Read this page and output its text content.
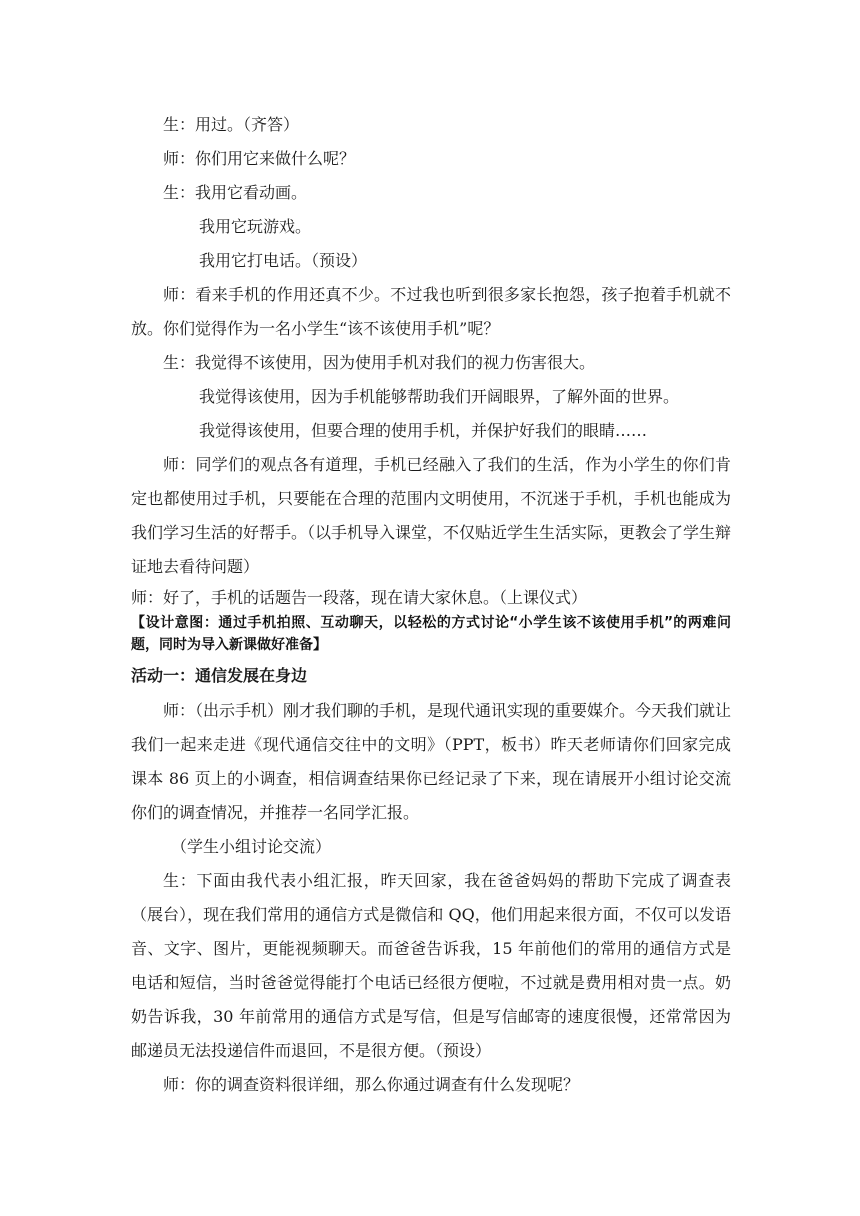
生：用过。（齐答）

师：你们用它来做什么呢？

生：我用它看动画。

我用它玩游戏。

我用它打电话。（预设）

师：看来手机的作用还真不少。不过我也听到很多家长抱怨，孩子抱着手机就不放。你们觉得作为一名小学生“该不该使用手机”呢？

生：我觉得不该使用，因为使用手机对我们的视力伤害很大。

我觉得该使用，因为手机能够帮助我们开阔眼界，了解外面的世界。

我觉得该使用，但要合理的使用手机，并保护好我们的眼睛……

师：同学们的观点各有道理，手机已经融入了我们的生活，作为小学生的你们肯定也都使用过手机，只要能在合理的范围内文明使用，不沉迷于手机，手机也能成为我们学习生活的好帮手。（以手机导入课堂，不仅贴近学生生活实际，更教会了学生辩证地去看待问题）

师：好了，手机的话题告一段落，现在请大家休息。（上课仪式）

【设计意图：通过手机拍照、互动聊天，以轻松的方式讨论“小学生该不该使用手机”的两难问题，同时为导入新课做好准备】

活动一：通信发展在身边

师：（出示手机）刚才我们聊的手机，是现代通讯实现的重要媒介。今天我们就让我们一起来走进《现代通信交往中的文明》（PPT，板书）昨天老师请你们回家完成课本 86 页上的小调查，相信调查结果你已经记录了下来，现在请展开小组讨论交流你们的调查情况，并推荐一名同学汇报。

（学生小组讨论交流）

生：下面由我代表小组汇报，昨天回家，我在爸爸妈妈的帮助下完成了调查表（展台），现在我们常用的通信方式是微信和 QQ，他们用起来很方面，不仅可以发语音、文字、图片，更能视频聊天。而爸爸告诉我，15 年前他们的常用的通信方式是电话和短信，当时爸爸觉得能打个电话已经很方便啦，不过就是费用相对贵一点。奶奶告诉我，30 年前常用的通信方式是写信，但是写信邮寄的速度很慢，还常常因为邮递员无法投递信件而退回，不是很方便。（预设）

师：你的调查资料很详细，那么你通过调查有什么发现呢？
